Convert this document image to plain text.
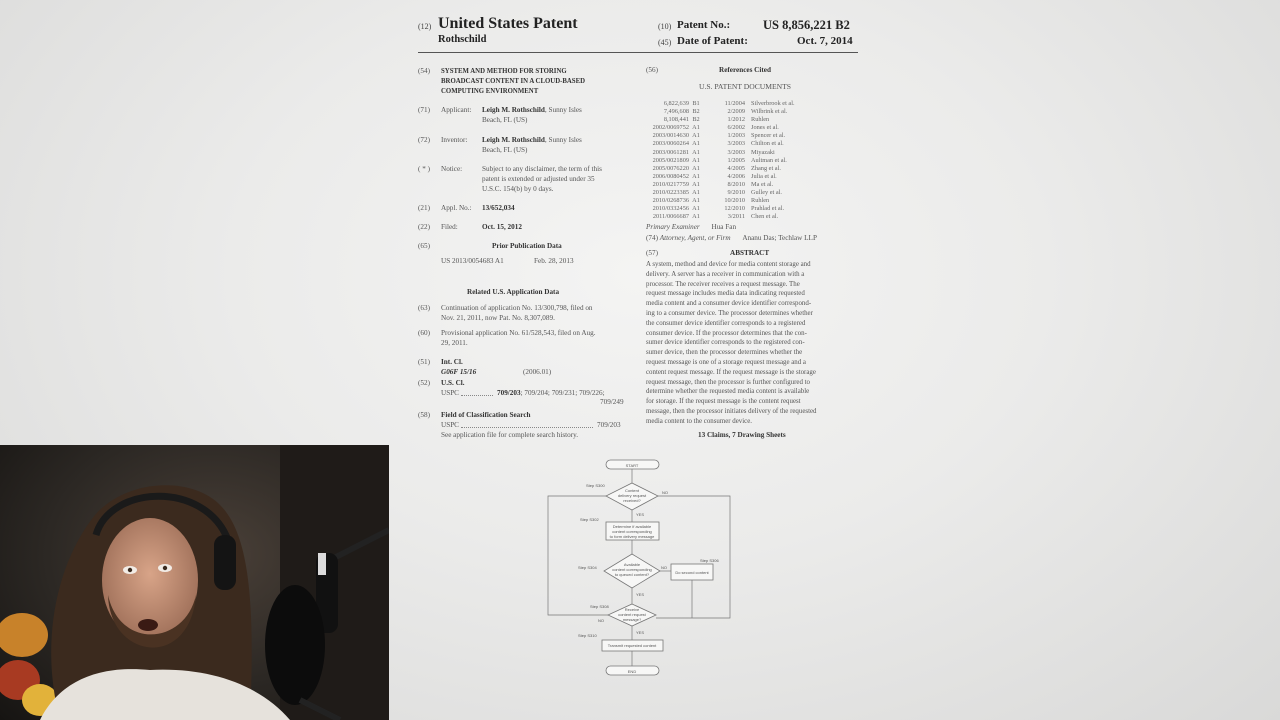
(12) United States Patent
Rothschild
(10) Patent No.:	US 8,856,221 B2
(45) Date of Patent:	Oct. 7, 2014
(54) SYSTEM AND METHOD FOR STORING
BROADCAST CONTENT IN A CLOUD-BASED
COMPUTING ENVIRONMENT
(71) Applicant: Leigh M. Rothschild, Sunny Isles
Beach, FL (US)
(72) Inventor: Leigh M. Rothschild, Sunny Isles
Beach, FL (US)
( * ) Notice:	Subject to any disclaimer, the term of this
patent is extended or adjusted under 35
U.S.C. 154(b) by 0 days.
(21) Appl. No.: 13/652,034
(22) Filed:	Oct. 15, 2012
(65)	Prior Publication Data
US 2013/0054683 A1	Feb. 28, 2013
Related U.S. Application Data
(63) Continuation of application No. 13/300,798, filed on
Nov. 21, 2011, now Pat. No. 8,307,089.
(60) Provisional application No. 61/528,543, filed on Aug.
29, 2011.
(51) Int. Cl.
G06F 15/16	(2006.01)
(52) U.S. Cl.
USPC	709/203; 709/204; 709/231; 709/226;
709/249
(58) Field of Classification Search
USPC	709/203
See application file for complete search history.
(56)	References Cited
U.S. PATENT DOCUMENTS
6,822,639 B1	11/2004 Silverbrook et al.
7,496,608 B2	2/2009 Wilbrink et al.
8,108,441 B2	1/2012 Ruhlen
2002/0069752 A1	6/2002 Jones et al.
2003/0014630 A1	1/2003 Spencer et al.
2003/0060264 A1	3/2003 Chilton et al.
2003/0061281 A1	3/2003 Miyazaki
2005/0021809 A1	1/2005 Aultman et al.
2005/0076220 A1	4/2005 Zhang et al.
2006/0080452 A1	4/2006 Julia et al.
2010/0217759 A1	8/2010 Ma et al.
2010/0223385 A1	9/2010 Gulley et al.
2010/0268736 A1	10/2010 Ruhlen
2010/0332456 A1	12/2010 Prahlad et al.
2011/0066687 A1	3/2011 Chen et al.
Primary Examiner Hua Fan
(74) Attorney, Agent, or Firm Ananu Das; Techlaw LLP
(57)	ABSTRACT
A system, method and device for media content storage and
delivery. A server has a receiver in communication with a
processor. The receiver receives a request message. The
request message includes media data indicating requested
media content and a consumer device identifier correspond-
ing to a consumer device. The processor determines whether
the consumer device identifier corresponds to a registered
consumer device. If the processor determines that the con-
sumer device identifier corresponds to the registered con-
sumer device, then the processor determines whether the
request message is one of a storage request message and a
content request message. If the request message is the storage
request message, then the processor is further configured to
determine whether the requested media content is available
for storage. If the request message is the content request
message, then the processor initiates delivery of the requested
media content to the consumer device.
13 Claims, 7 Drawing Sheets
START
END
Content
delivery request
received?
Determine if available
content corresponding
to form delivery message
Available
content corresponding
to queued content?	Do second content
Receive
content request
message?
Transmit requested content
YES
YES
YES
NO
NO
NO
Step S300
Step S302
Step S304
Step S306
Step S308
Step S310
